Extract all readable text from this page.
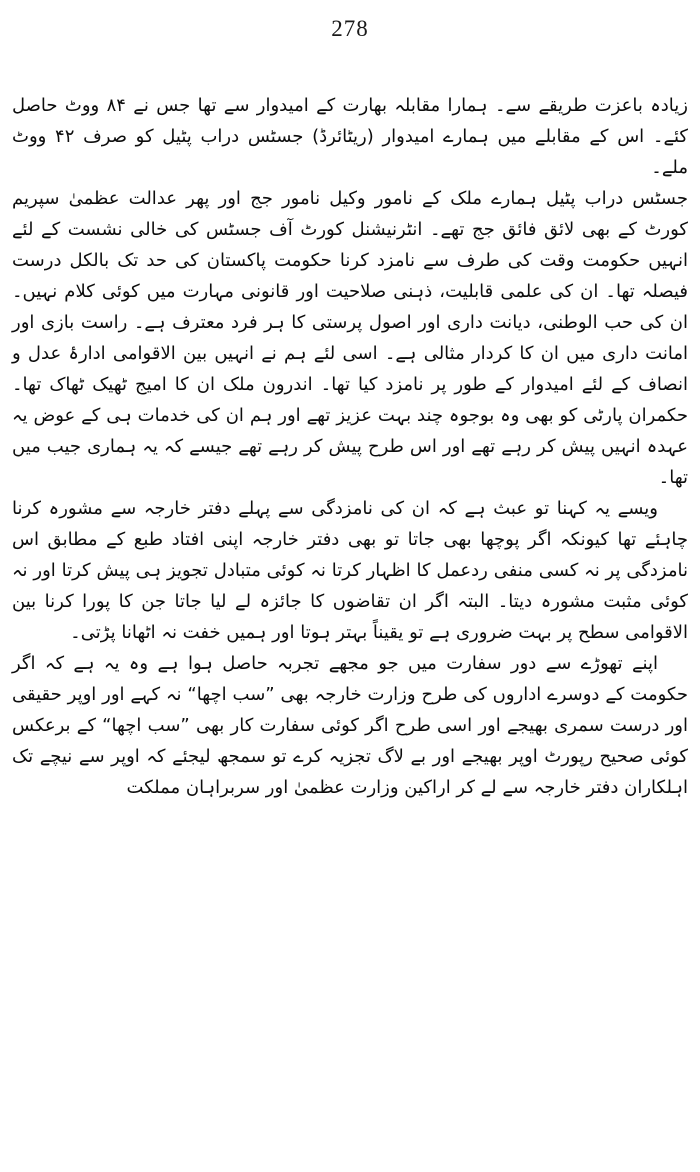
278

زیادہ باعزت طریقے سے۔ ہمارا مقابلہ بھارت کے امیدوار سے تھا جس نے ۸۴ ووٹ حاصل کئے۔ اس کے مقابلے میں ہمارے امیدوار (ریٹائرڈ) جسٹس دراب پٹیل کو صرف ۴۲ ووٹ ملے۔

جسٹس دراب پٹیل ہمارے ملک کے نامور وکیل نامور جج اور پھر عدالت عظمیٰ سپریم کورٹ کے بھی لائق فائق جج تھے۔ انٹرنیشنل کورٹ آف جسٹس کی خالی نشست کے لئے انہیں حکومت وقت کی طرف سے نامزد کرنا حکومت پاکستان کی حد تک بالکل درست فیصلہ تھا۔ ان کی علمی قابلیت، ذہنی صلاحیت اور قانونی مہارت میں کوئی کلام نہیں۔ ان کی حب الوطنی، دیانت داری اور اصول پرستی کا ہر فرد معترف ہے۔ راست بازی اور امانت داری میں ان کا کردار مثالی ہے۔ اسی لئے ہم نے انہیں بین الاقوامی ادارۂ عدل و انصاف کے لئے امیدوار کے طور پر نامزد کیا تھا۔ اندرون ملک ان کا امیج ٹھیک ٹھاک تھا۔ حکمران پارٹی کو بھی وہ بوجوہ چند بہت عزیز تھے اور ہم ان کی خدمات ہی کے عوض یہ عہدہ انہیں پیش کر رہے تھے اور اس طرح پیش کر رہے تھے جیسے کہ یہ ہماری جیب میں تھا۔

ویسے یہ کہنا تو عبث ہے کہ ان کی نامزدگی سے پہلے دفتر خارجہ سے مشورہ کرنا چاہئے تھا کیونکہ اگر پوچھا بھی جاتا تو بھی دفتر خارجہ اپنی افتاد طبع کے مطابق اس نامزدگی پر نہ کسی منفی ردعمل کا اظہار کرتا نہ کوئی متبادل تجویز ہی پیش کرتا اور نہ کوئی مثبت مشورہ دیتا۔ البتہ اگر ان تقاضوں کا جائزہ لے لیا جاتا جن کا پورا کرنا بین الاقوامی سطح پر بہت ضروری ہے تو یقیناً بہتر ہوتا اور ہمیں خفت نہ اٹھانا پڑتی۔

اپنے تھوڑے سے دور سفارت میں جو مجھے تجربہ حاصل ہوا ہے وہ یہ ہے کہ اگر حکومت کے دوسرے اداروں کی طرح وزارت خارجہ بھی ”سب اچھا“ نہ کہے اور اوپر حقیقی اور درست سمری بھیجے اور اسی طرح اگر کوئی سفارت کار بھی ”سب اچھا“ کے برعکس کوئی صحیح رپورٹ اوپر بھیجے اور بے لاگ تجزیہ کرے تو سمجھ لیجئے کہ اوپر سے نیچے تک اہلکاران دفتر خارجہ سے لے کر اراکین وزارت عظمیٰ اور سربراہان مملکت
